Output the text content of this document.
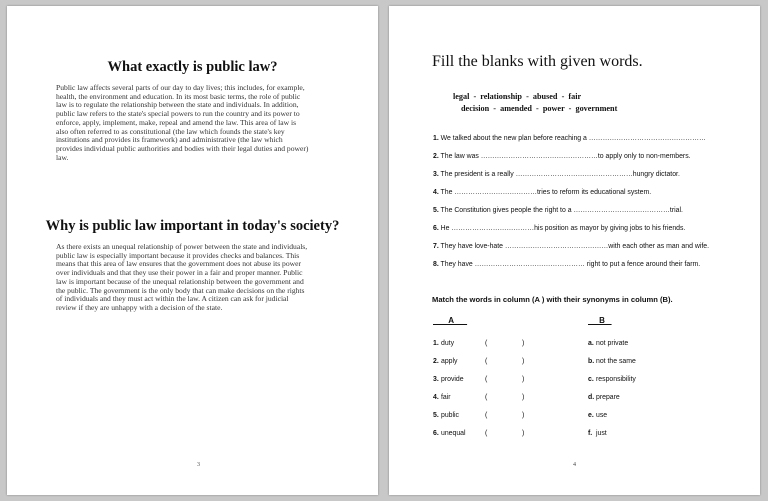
What exactly is public law?
Public law affects several parts of our day to day lives; this includes, for example,
health, the environment and education. In its most basic terms, the role of public
law is to regulate the relationship between the state and individuals. In addition,
public law refers to the state's special powers to run the country and its power to
enforce, apply, implement, make, repeal and amend the law. This area of law is
also often referred to as constitutional (the law which founds the state's key
institutions and provides its framework) and administrative (the law which
provides individual public authorities and bodies with their legal duties and power)
law.
Why is public law important in today's society?
As there exists an unequal relationship of power between the state and individuals,
public law is especially important because it provides checks and balances. This
means that this area of law ensures that the government does not abuse its power
over individuals and that they use their power in a fair and proper manner. Public
law is important because of the unequal relationship between the government and
the public. The government is the only body that can make decisions on the rights
of individuals and they must act within the law. A citizen can ask for judicial
review if they are unhappy with a decision of the state.
3
Fill the blanks with given words.
legal  -  relationship  -  abused  -  fair
decision  -  amended  -  power  -  government
1. We talked about the new plan before reaching a ……………………………………………
2. The law was ……………………………………………to apply only to non-members.
3. The president is a really ……………………………………………hungry dictator.
4. The ………………………………tries to reform its educational system.
5. The Constitution gives people the right to a ……………………………………trial.
6. He ………………………………his position as mayor by giving jobs to his friends.
7. They have love-hate ………………………………………with each other as man and wife.
8. They have ………………………………………… right to put a fence around their farm.
Match the words in column (A ) with their synonyms in column (B).
A	B
1. duty	(	)	a. not private
2. apply	(	)	b. not the same
3. provide	(	)	c. responsibility
4. fair	(	)	d. prepare
5. public	(	)	e. use
6. unequal	(	)	f. just
4
